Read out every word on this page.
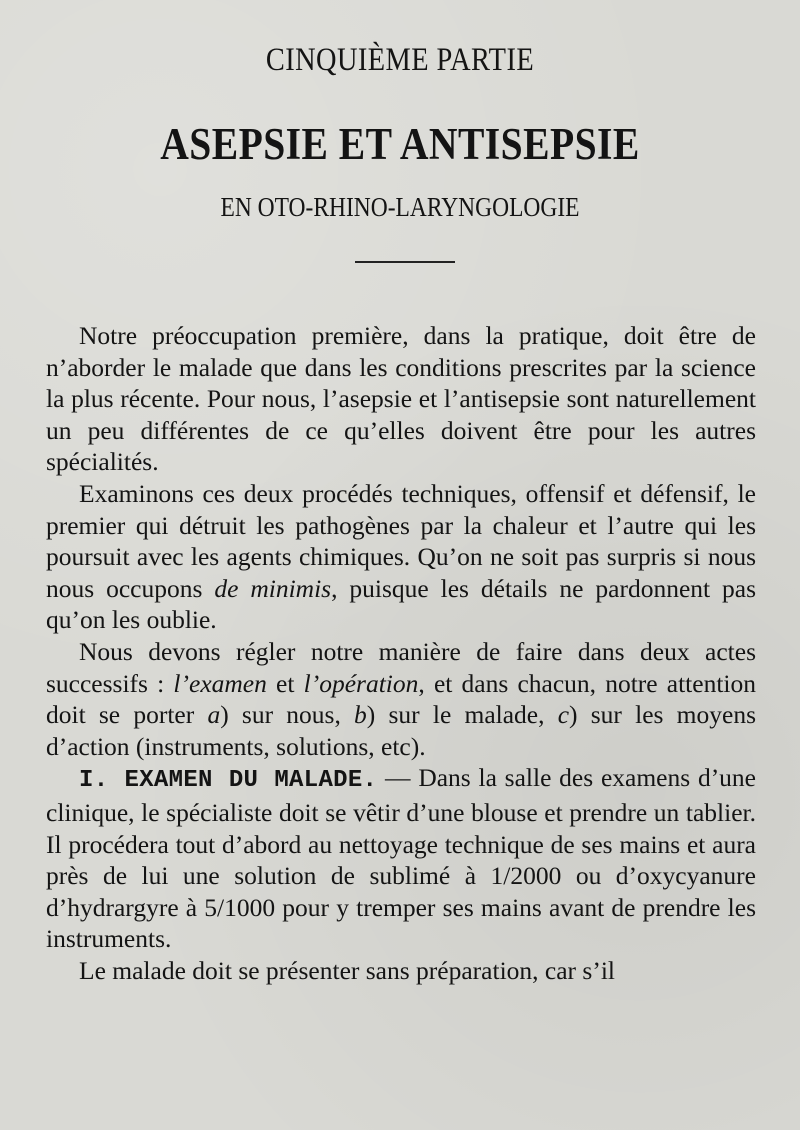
CINQUIÈME PARTIE
ASEPSIE ET ANTISEPSIE
EN OTO-RHINO-LARYNGOLOGIE

Notre préoccupation première, dans la pratique, doit être de n’aborder le malade que dans les conditions prescrites par la science la plus récente. Pour nous, l’asepsie et l’antisepsie sont naturellement un peu différentes de ce qu’elles doivent être pour les autres spécialités.

Examinons ces deux procédés techniques, offensif et défensif, le premier qui détruit les pathogènes par la chaleur et l’autre qui les poursuit avec les agents chimiques. Qu’on ne soit pas surpris si nous nous occupons de minimis, puisque les détails ne pardonnent pas qu’on les oublie.

Nous devons régler notre manière de faire dans deux actes successifs : l’examen et l’opération, et dans chacun, notre attention doit se porter a) sur nous, b) sur le malade, c) sur les moyens d’action (instruments, solutions, etc).

I. EXAMEN DU MALADE. — Dans la salle des examens d’une clinique, le spécialiste doit se vêtir d’une blouse et prendre un tablier. Il procédera tout d’abord au nettoyage technique de ses mains et aura près de lui une solution de sublimé à 1/2000 ou d’oxycyanure d’hydrargyre à 5/1000 pour y tremper ses mains avant de prendre les instruments.

Le malade doit se présenter sans préparation, car s’il
